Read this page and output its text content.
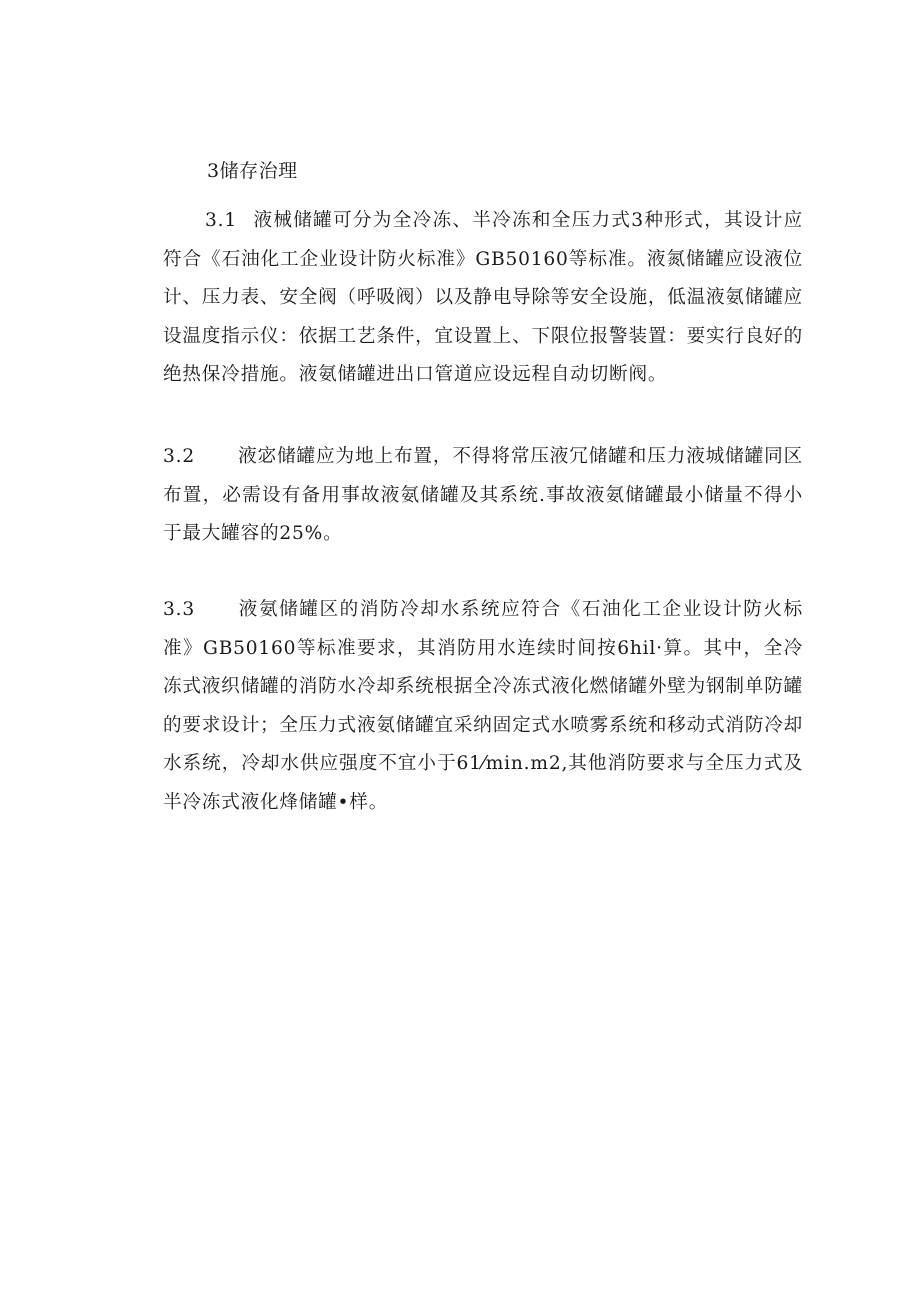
3储存治理

3.1 液械储罐可分为全冷冻、半冷冻和全压力式3种形式，其设计应符合《石油化工企业设计防火标准》GB50160等标准。液氮储罐应设液位计、压力表、安全阀（呼吸阀）以及静电导除等安全设施，低温液氨储罐应设温度指示仪：依据工艺条件，宜设置上、下限位报警装置：要实行良好的绝热保冷措施。液氨储罐进出口管道应设远程自动切断阀。

3.2 液宓储罐应为地上布置，不得将常压液冗储罐和压力液城储罐同区布置，必需设有备用事故液氨储罐及其系统.事故液氨储罐最小储量不得小于最大罐容的25%。

3.3 液氨储罐区的消防冷却水系统应符合《石油化工企业设计防火标准》GB50160等标准要求，其消防用水连续时间按6hil·算。其中，全冷冻式液织储罐的消防水冷却系统根据全冷冻式液化燃储罐外壁为钢制单防罐的要求设计；全压力式液氨储罐宜采纳固定式水喷雾系统和移动式消防冷却水系统，冷却水供应强度不宜小于61⁄min.m2,其他消防要求与全压力式及半冷冻式液化烽储罐•样。
